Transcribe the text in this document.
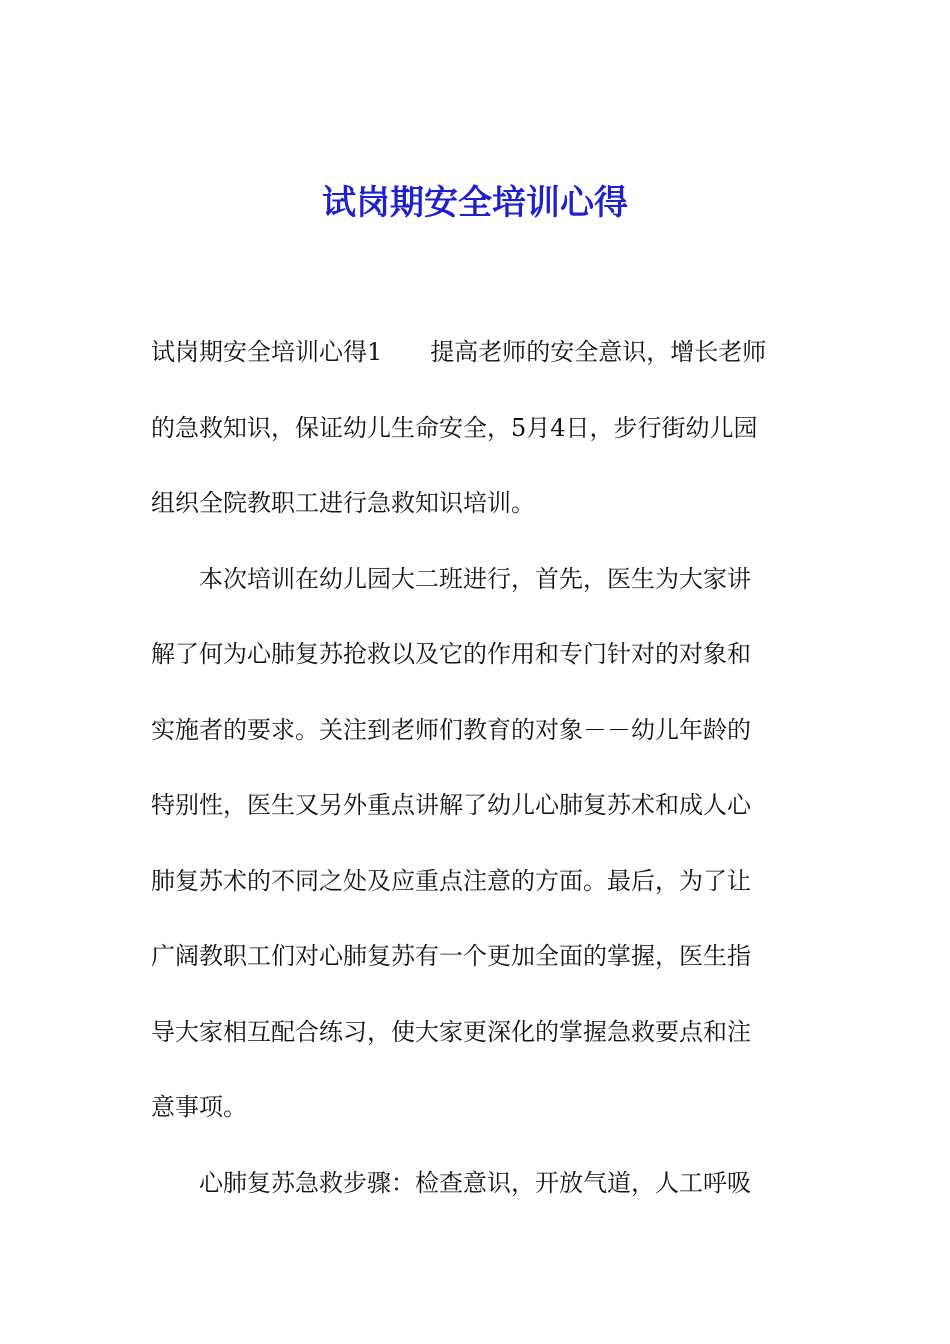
试岗期安全培训心得
试岗期安全培训心得1　　提高老师的安全意识，增长老师
的急救知识，保证幼儿生命安全，5月4日，步行街幼儿园
组织全院教职工进行急救知识培训。
　　本次培训在幼儿园大二班进行，首先，医生为大家讲
解了何为心肺复苏抢救以及它的作用和专门针对的对象和
实施者的要求。关注到老师们教育的对象－－幼儿年龄的
特别性，医生又另外重点讲解了幼儿心肺复苏术和成人心
肺复苏术的不同之处及应重点注意的方面。最后，为了让
广阔教职工们对心肺复苏有一个更加全面的掌握，医生指
导大家相互配合练习，使大家更深化的掌握急救要点和注
意事项。
　　心肺复苏急救步骤：检查意识，开放气道，人工呼吸
